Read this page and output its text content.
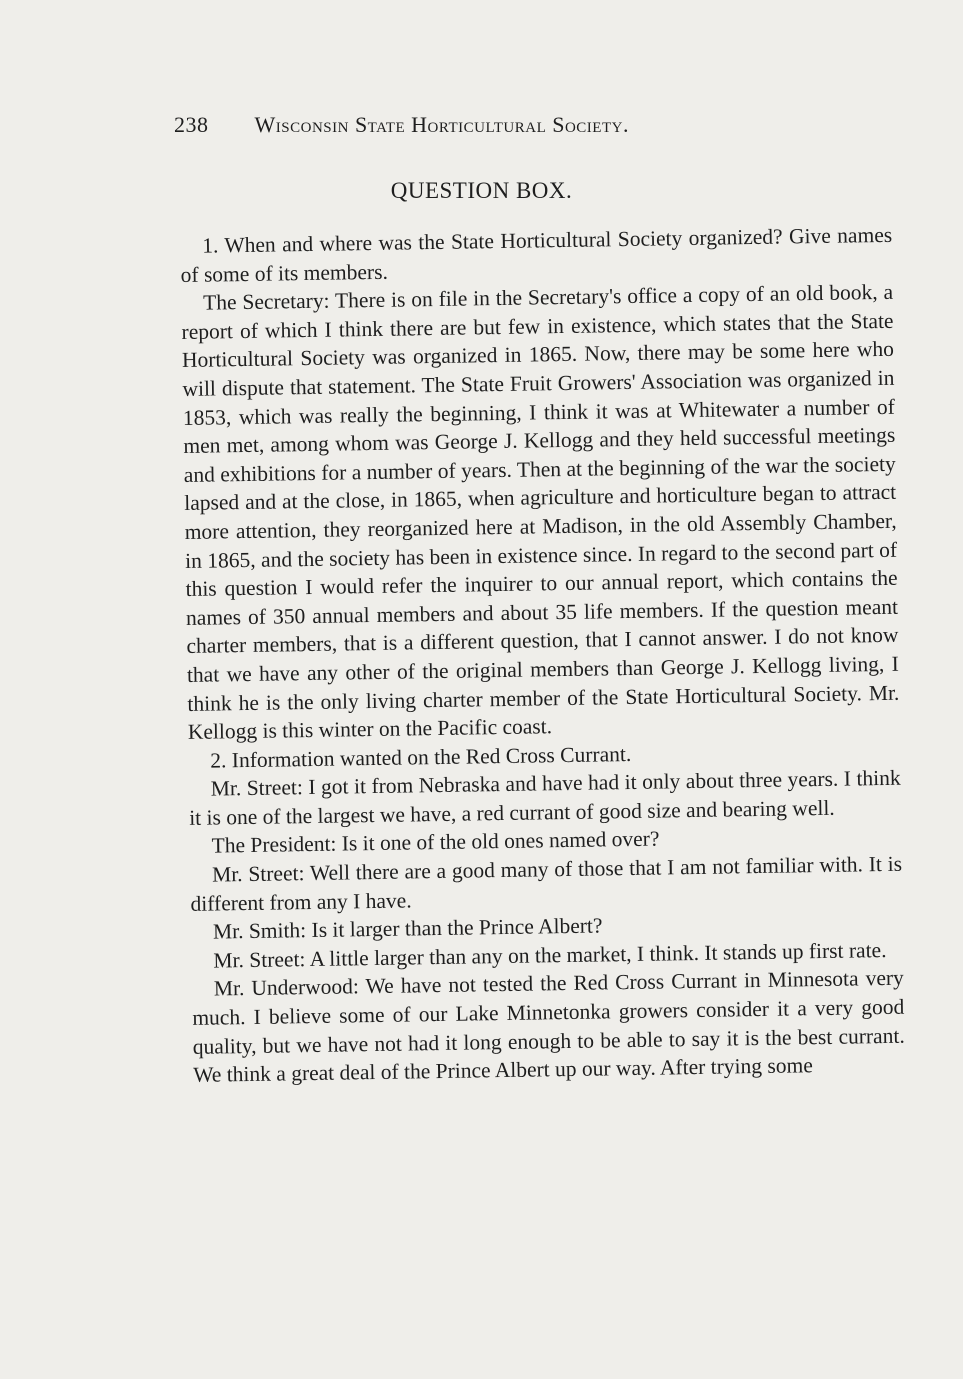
238 Wisconsin State Horticultural Society.
QUESTION BOX.

1. When and where was the State Horticultural Society organized? Give names of some of its members.

The Secretary: There is on file in the Secretary's office a copy of an old book, a report of which I think there are but few in existence, which states that the State Horticultural Society was organized in 1865. Now, there may be some here who will dispute that statement. The State Fruit Growers' Association was organized in 1853, which was really the beginning, I think it was at Whitewater a number of men met, among whom was George J. Kellogg and they held successful meetings and exhibitions for a number of years. Then at the beginning of the war the society lapsed and at the close, in 1865, when agriculture and horticulture began to attract more attention, they reorganized here at Madison, in the old Assembly Chamber, in 1865, and the society has been in existence since. In regard to the second part of this question I would refer the inquirer to our annual report, which contains the names of 350 annual members and about 35 life members. If the question meant charter members, that is a different question, that I cannot answer. I do not know that we have any other of the original members than George J. Kellogg living, I think he is the only living charter member of the State Horticultural Society. Mr. Kellogg is this winter on the Pacific coast.

2. Information wanted on the Red Cross Currant.

Mr. Street: I got it from Nebraska and have had it only about three years. I think it is one of the largest we have, a red currant of good size and bearing well.

The President: Is it one of the old ones named over?

Mr. Street: Well there are a good many of those that I am not familiar with. It is different from any I have.

Mr. Smith: Is it larger than the Prince Albert?

Mr. Street: A little larger than any on the market, I think. It stands up first rate.

Mr. Underwood: We have not tested the Red Cross Currant in Minnesota very much. I believe some of our Lake Minnetonka growers consider it a very good quality, but we have not had it long enough to be able to say it is the best currant. We think a great deal of the Prince Albert up our way. After trying some
